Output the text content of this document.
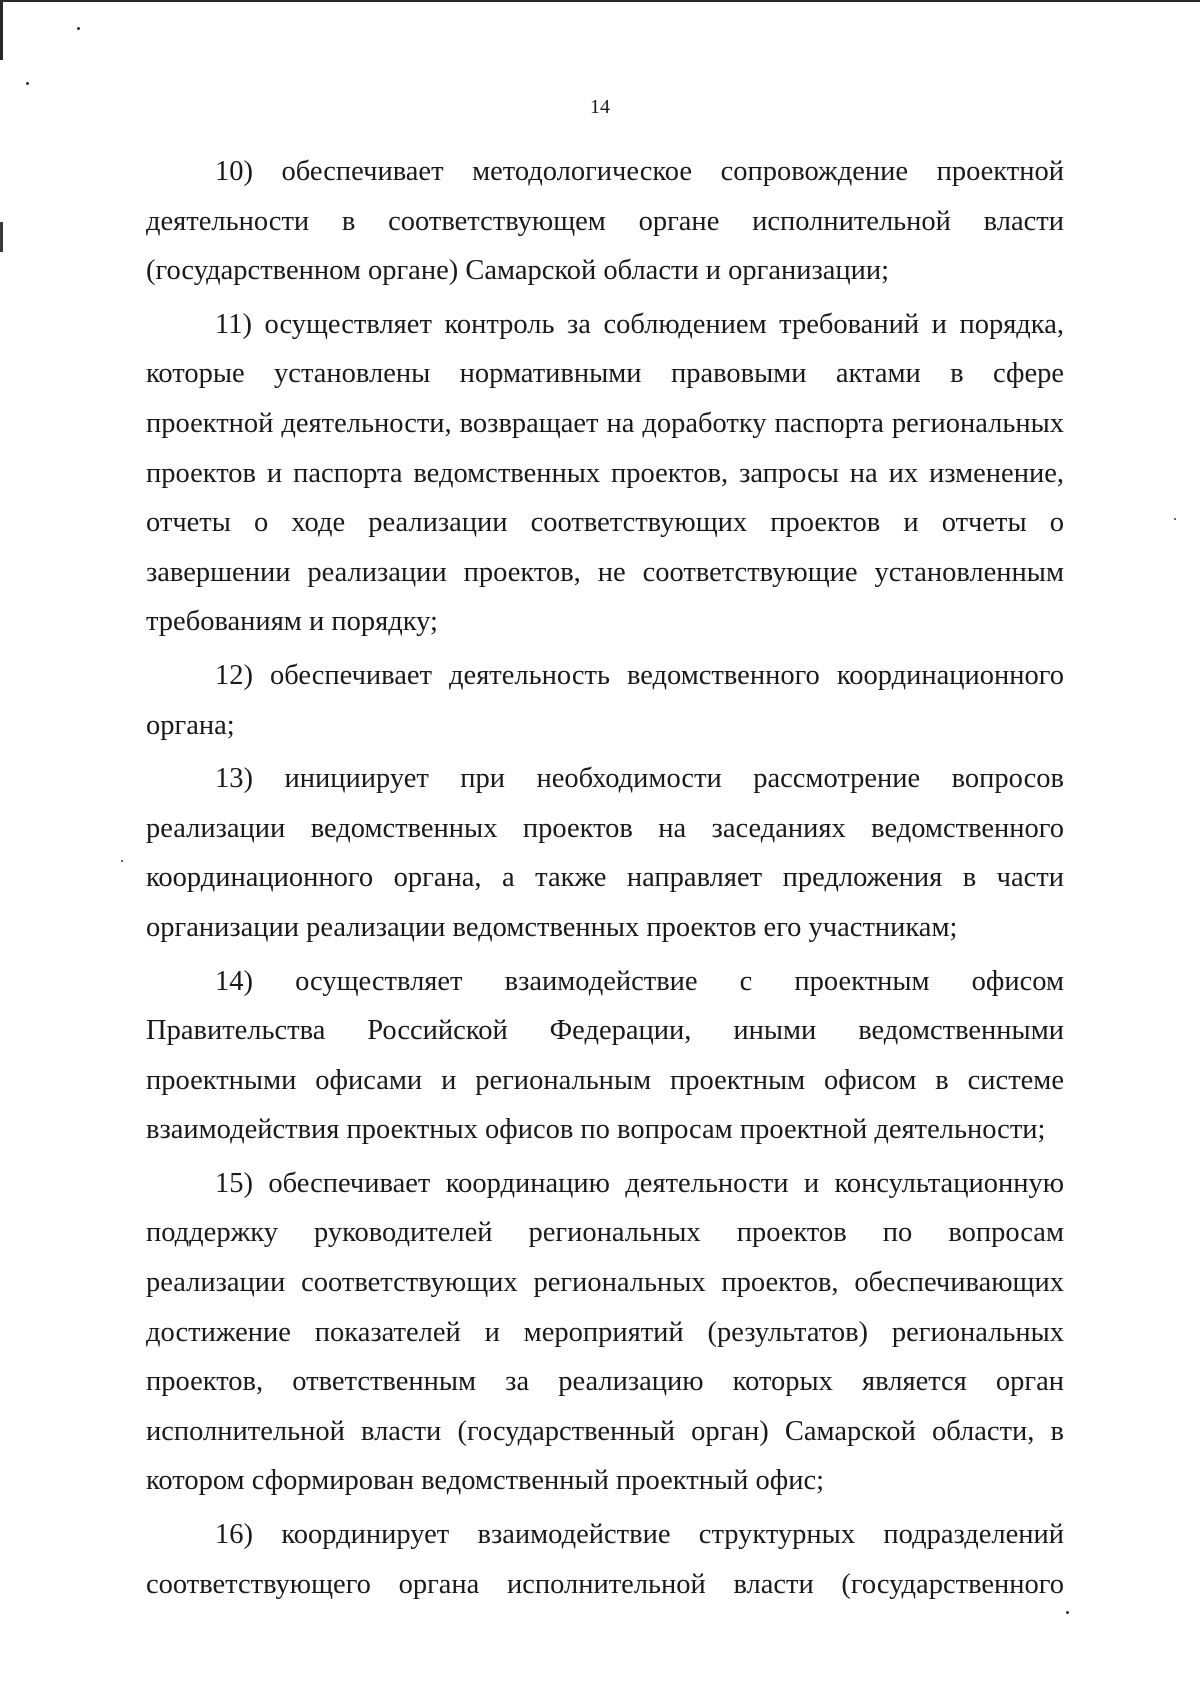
14

10) обеспечивает методологическое сопровождение проектной деятельности в соответствующем органе исполнительной власти (государственном органе) Самарской области и организации;

11) осуществляет контроль за соблюдением требований и порядка, которые установлены нормативными правовыми актами в сфере проектной деятельности, возвращает на доработку паспорта региональных проектов и паспорта ведомственных проектов, запросы на их изменение, отчеты о ходе реализации соответствующих проектов и отчеты о завершении реализации проектов, не соответствующие установленным требованиям и порядку;

12) обеспечивает деятельность ведомственного координационного органа;

13) инициирует при необходимости рассмотрение вопросов реализации ведомственных проектов на заседаниях ведомственного координационного органа, а также направляет предложения в части организации реализации ведомственных проектов его участникам;

14) осуществляет взаимодействие с проектным офисом Правительства Российской Федерации, иными ведомственными проектными офисами и региональным проектным офисом в системе взаимодействия проектных офисов по вопросам проектной деятельности;

15) обеспечивает координацию деятельности и консультационную поддержку руководителей региональных проектов по вопросам реализации соответствующих региональных проектов, обеспечивающих достижение показателей и мероприятий (результатов) региональных проектов, ответственным за реализацию которых является орган исполнительной власти (государственный орган) Самарской области, в котором сформирован ведомственный проектный офис;

16) координирует взаимодействие структурных подразделений соответствующего органа исполнительной власти (государственного
